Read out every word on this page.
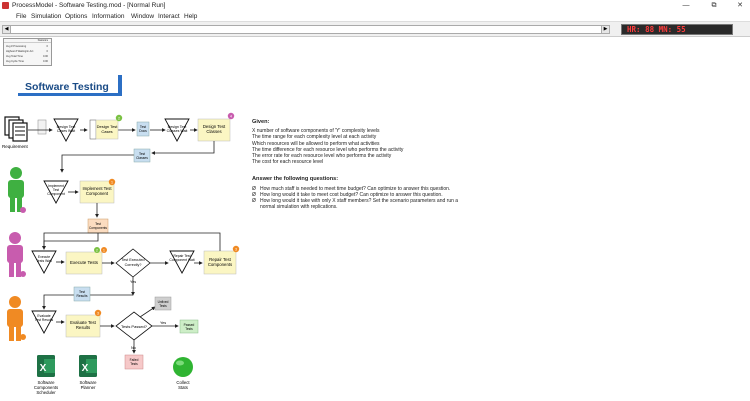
ProcessModel - Software Testing.mod - [Normal Run]	—	⧉	✕
File Simulation Options Information Window Interact Help
◀	▶	HR: 88 MN: 55
Statistics
Avg # Processing	0
Highest # Waiting/in Act	0
Avg Total Time	0.00
Avg Cycle Time	0.00
Software Testing
Requirement
Design Test
Cases Wait
Design Test
Cases
2
Test
Docs
Design Test
Classes Wait
Design Test
Classes
4
Test
Classes
Implement
Test
Component
Implement Test
Component
1
Test
Components
Execute
Tests Wait	Execute Tests
2 1
Test Executed
Correctly?
Repair Test
Component Wait	Repair Test
Components
3
Yes
Test
Results
Evaluate
Test Results	Evaluate Test
Results
3
Tests Passed?
Yes
Unfixed
Tests
Passed
Tests
No
Failed
Tests
X
Software
Components
Scheduler
X
Software
Planner
Collect
Stats
Given:
X number of software components of 'Y' complexity levels
The time range for each complexity level at each activity
Which resources will be allowed to perform what activities
The time difference for each resource level who performs the activity
The error rate for each resource level who performs the activity
The cost for each resource level
Answer the following questions:
Ø How much staff is needed to meet time budget? Can optimize to answer this question.
Ø How long would it take to meet cost budget? Can optimize to answer this question.
Ø How long would it take with only X staff members? Set the scenario parameters and run a
normal simulation with replications.
